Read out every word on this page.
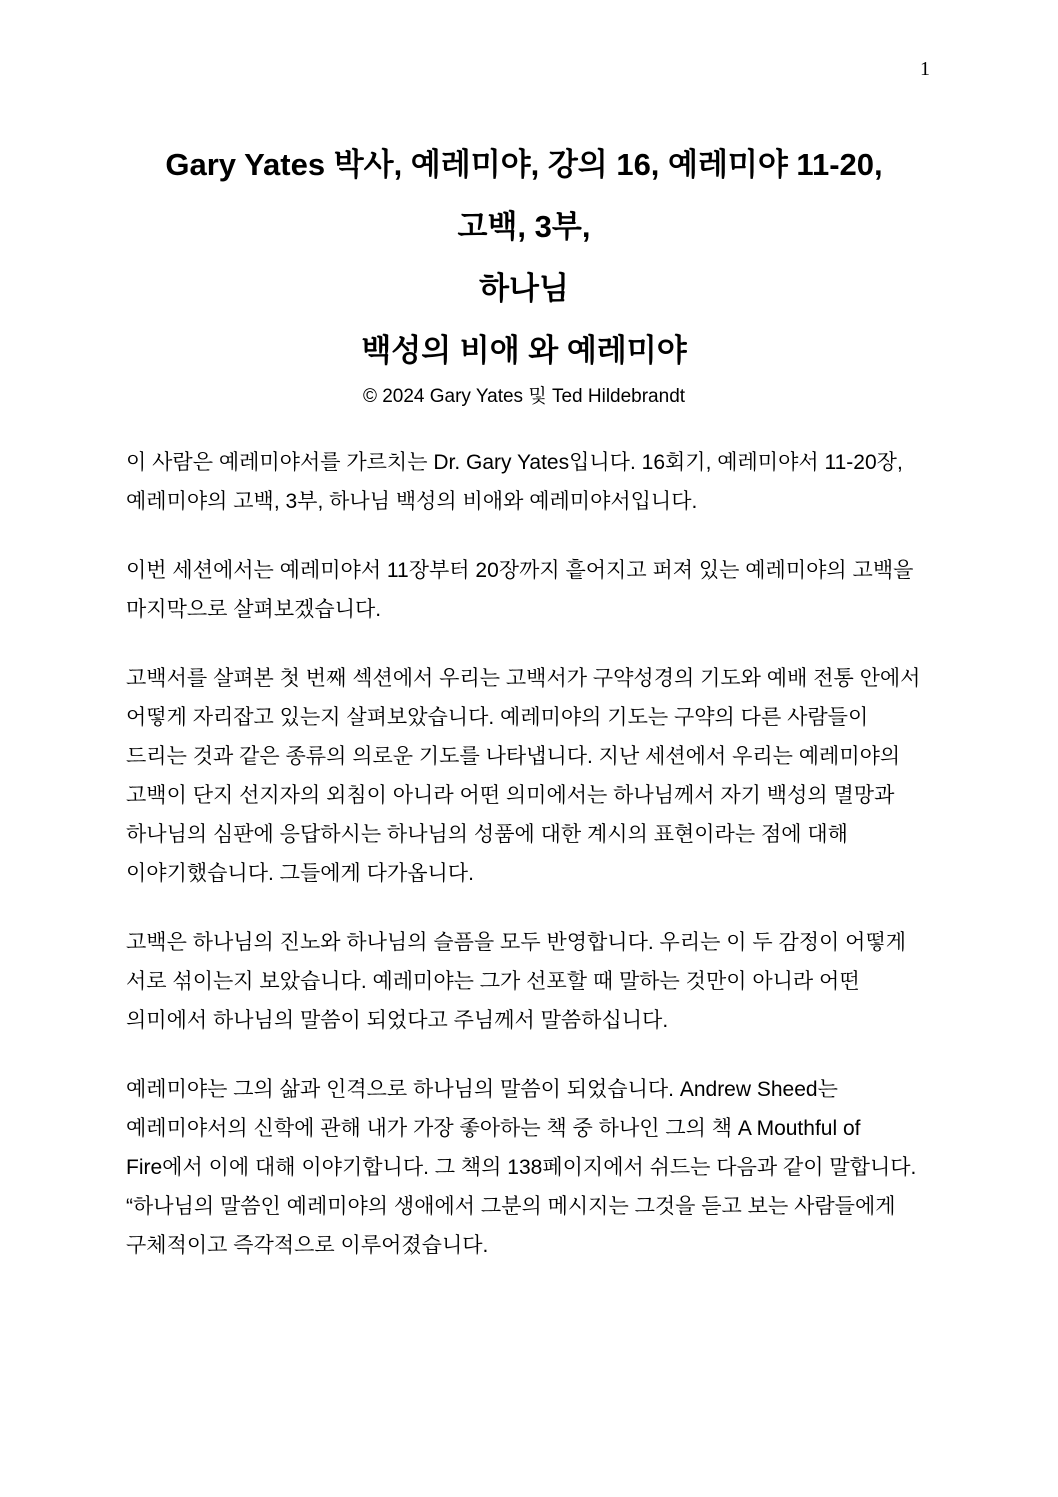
1
Gary Yates 박사, 예레미야, 강의 16, 예레미야 11-20,
고백, 3부,
하나님
백성의 비애 와 예레미야
© 2024 Gary Yates 및 Ted Hildebrandt

이 사람은 예레미야서를 가르치는 Dr. Gary Yates입니다. 16회기, 예레미야서 11-20장, 예레미야의 고백, 3부, 하나님 백성의 비애와 예레미야서입니다.

이번 세션에서는 예레미야서 11장부터 20장까지 흩어지고 퍼져 있는 예레미야의 고백을 마지막으로 살펴보겠습니다.

고백서를 살펴본 첫 번째 섹션에서 우리는 고백서가 구약성경의 기도와 예배 전통 안에서 어떻게 자리잡고 있는지 살펴보았습니다. 예레미야의 기도는 구약의 다른 사람들이 드리는 것과 같은 종류의 의로운 기도를 나타냅니다. 지난 세션에서 우리는 예레미야의 고백이 단지 선지자의 외침이 아니라 어떤 의미에서는 하나님께서 자기 백성의 멸망과 하나님의 심판에 응답하시는 하나님의 성품에 대한 계시의 표현이라는 점에 대해 이야기했습니다. 그들에게 다가옵니다.

고백은 하나님의 진노와 하나님의 슬픔을 모두 반영합니다. 우리는 이 두 감정이 어떻게 서로 섞이는지 보았습니다. 예레미야는 그가 선포할 때 말하는 것만이 아니라 어떤 의미에서 하나님의 말씀이 되었다고 주님께서 말씀하십니다.

예레미야는 그의 삶과 인격으로 하나님의 말씀이 되었습니다. Andrew Sheed는 예레미야서의 신학에 관해 내가 가장 좋아하는 책 중 하나인 그의 책 A Mouthful of Fire에서 이에 대해 이야기합니다. 그 책의 138페이지에서 쉬드는 다음과 같이 말합니다. “하나님의 말씀인 예레미야의 생애에서 그분의 메시지는 그것을 듣고 보는 사람들에게 구체적이고 즉각적으로 이루어졌습니다.
